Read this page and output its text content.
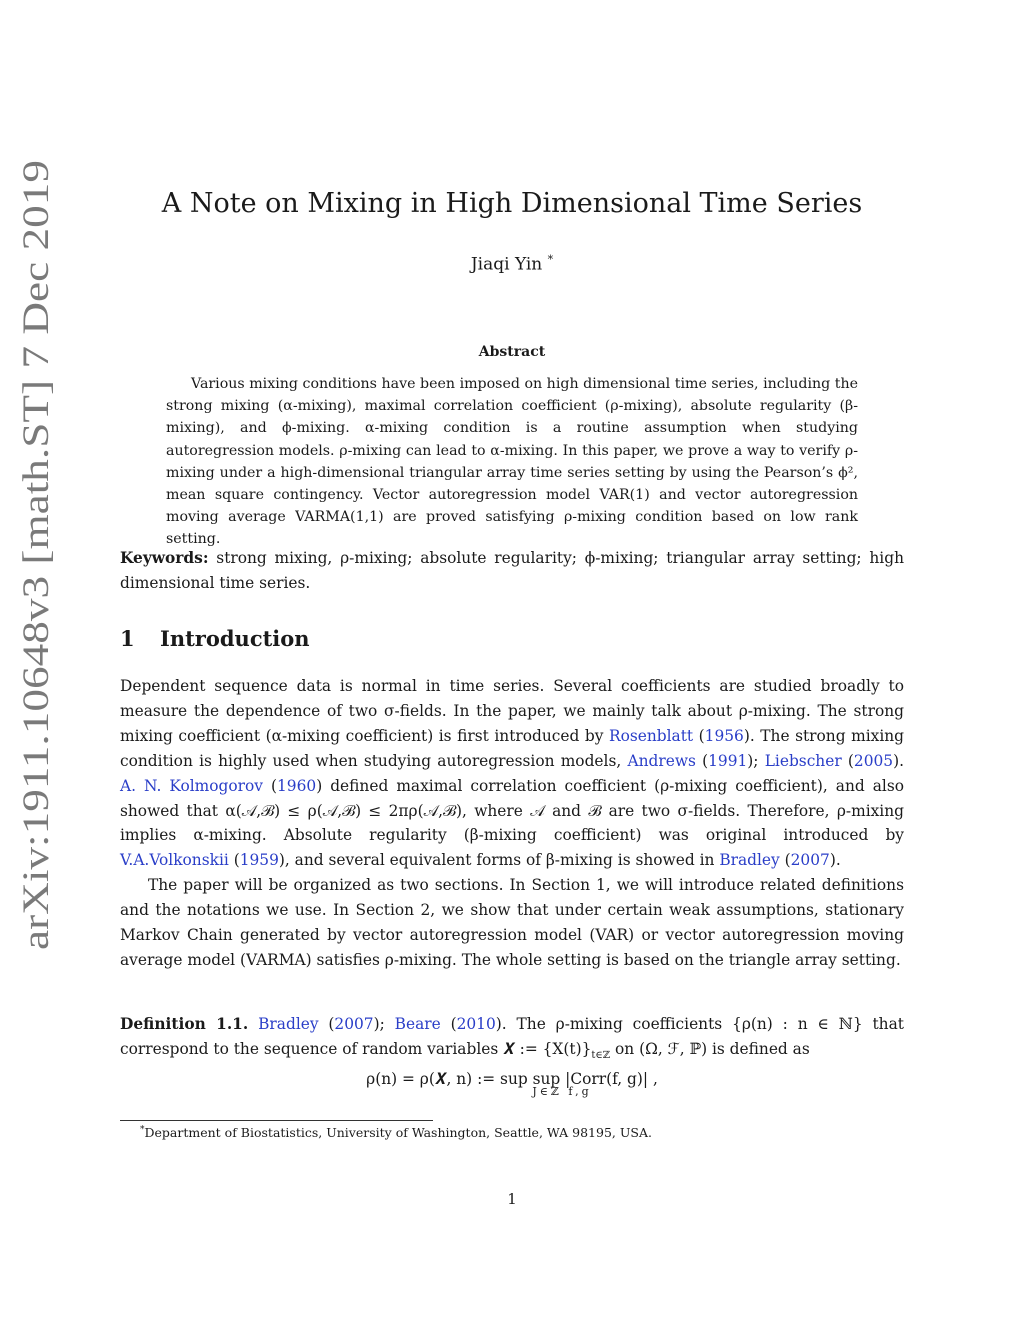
arXiv:1911.10648v3 [math.ST] 7 Dec 2019
A Note on Mixing in High Dimensional Time Series
Jiaqi Yin *
Abstract

Various mixing conditions have been imposed on high dimensional time series, including the strong mixing (α-mixing), maximal correlation coefficient (ρ-mixing), absolute regularity (β-mixing), and ϕ-mixing. α-mixing condition is a routine assumption when studying autoregression models. ρ-mixing can lead to α-mixing. In this paper, we prove a way to verify ρ-mixing under a high-dimensional triangular array time series setting by using the Pearson’s ϕ², mean square contingency. Vector autoregression model VAR(1) and vector autoregression moving average VARMA(1,1) are proved satisfying ρ-mixing condition based on low rank setting.

Keywords: strong mixing, ρ-mixing; absolute regularity; ϕ-mixing; triangular array setting; high dimensional time series.
1 Introduction

Dependent sequence data is normal in time series. Several coefficients are studied broadly to measure the dependence of two σ-fields. In the paper, we mainly talk about ρ-mixing. The strong mixing coefficient (α-mixing coefficient) is first introduced by Rosenblatt (1956). The strong mixing condition is highly used when studying autoregression models, Andrews (1991); Liebscher (2005). A. N. Kolmogorov (1960) defined maximal correlation coefficient (ρ-mixing coefficient), and also showed that α(𝒜,ℬ) ≤ ρ(𝒜,ℬ) ≤ 2πρ(𝒜,ℬ), where 𝒜 and ℬ are two σ-fields. Therefore, ρ-mixing implies α-mixing. Absolute regularity (β-mixing coefficient) was original introduced by V.A.Volkonskii (1959), and several equivalent forms of β-mixing is showed in Bradley (2007).

The paper will be organized as two sections. In Section 1, we will introduce related definitions and the notations we use. In Section 2, we show that under certain weak assumptions, stationary Markov Chain generated by vector autoregression model (VAR) or vector autoregression moving average model (VARMA) satisfies ρ-mixing. The whole setting is based on the triangle array setting.

Definition 1.1. Bradley (2007); Beare (2010). The ρ-mixing coefficients {ρ(n) : n ∈ ℕ} that correspond to the sequence of random variables 𝑿 := $\{X(t)\}_{t\in ℤ}$ on (Ω, ℱ, ℙ) is defined as
ρ(n) = ρ(𝑿, n) := sup sup |Corr(f, g)| ,
J∈ℤ f,g
*Department of Biostatistics, University of Washington, Seattle, WA 98195, USA.
1
